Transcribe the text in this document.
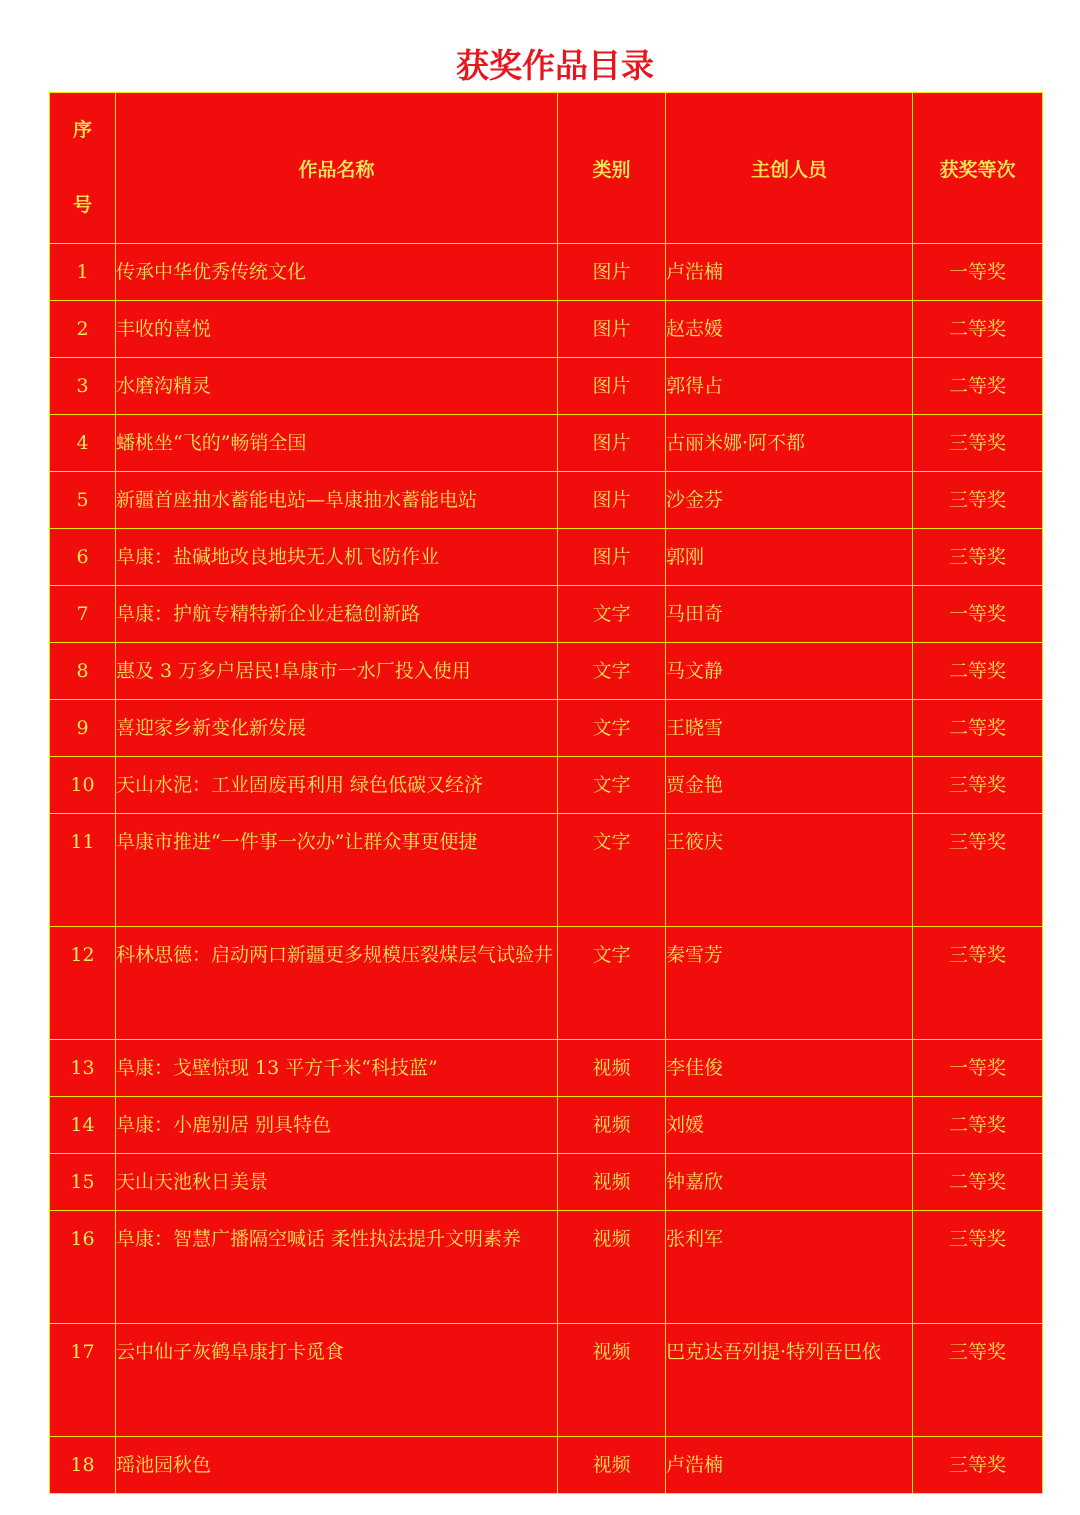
获奖作品目录
序
号	作品名称	类别	主创人员	获奖等次
1	传承中华优秀传统文化	图片	卢浩楠	一等奖
2	丰收的喜悦	图片	赵志媛	二等奖
3	水磨沟精灵	图片	郭得占	二等奖
4	蟠桃坐“飞的”畅销全国	图片	古丽米娜·阿不都	三等奖
5	新疆首座抽水蓄能电站—阜康抽水蓄能电站	图片	沙金芬	三等奖
6	阜康：盐碱地改良地块无人机飞防作业	图片	郭刚	三等奖
7	阜康：护航专精特新企业走稳创新路	文字	马田奇	一等奖
8	惠及 3 万多户居民!阜康市一水厂投入使用	文字	马文静	二等奖
9	喜迎家乡新变化新发展	文字	王晓雪	二等奖
10	天山水泥：工业固废再利用 绿色低碳又经济	文字	贾金艳	三等奖
11	阜康市推进“一件事一次办”让群众事更便捷	文字	王筱庆	三等奖
12	科林思德：启动两口新疆更多规模压裂煤层气试验井	文字	秦雪芳	三等奖
13	阜康：戈壁惊现 13 平方千米“科技蓝”	视频	李佳俊	一等奖
14	阜康：小鹿别居 别具特色	视频	刘媛	二等奖
15	天山天池秋日美景	视频	钟嘉欣	二等奖
16	阜康：智慧广播隔空喊话 柔性执法提升文明素养	视频	张利军	三等奖
17	云中仙子灰鹤阜康打卡觅食	视频	巴克达吾列提·特列吾巴依	三等奖
18	瑶池园秋色	视频	卢浩楠	三等奖
